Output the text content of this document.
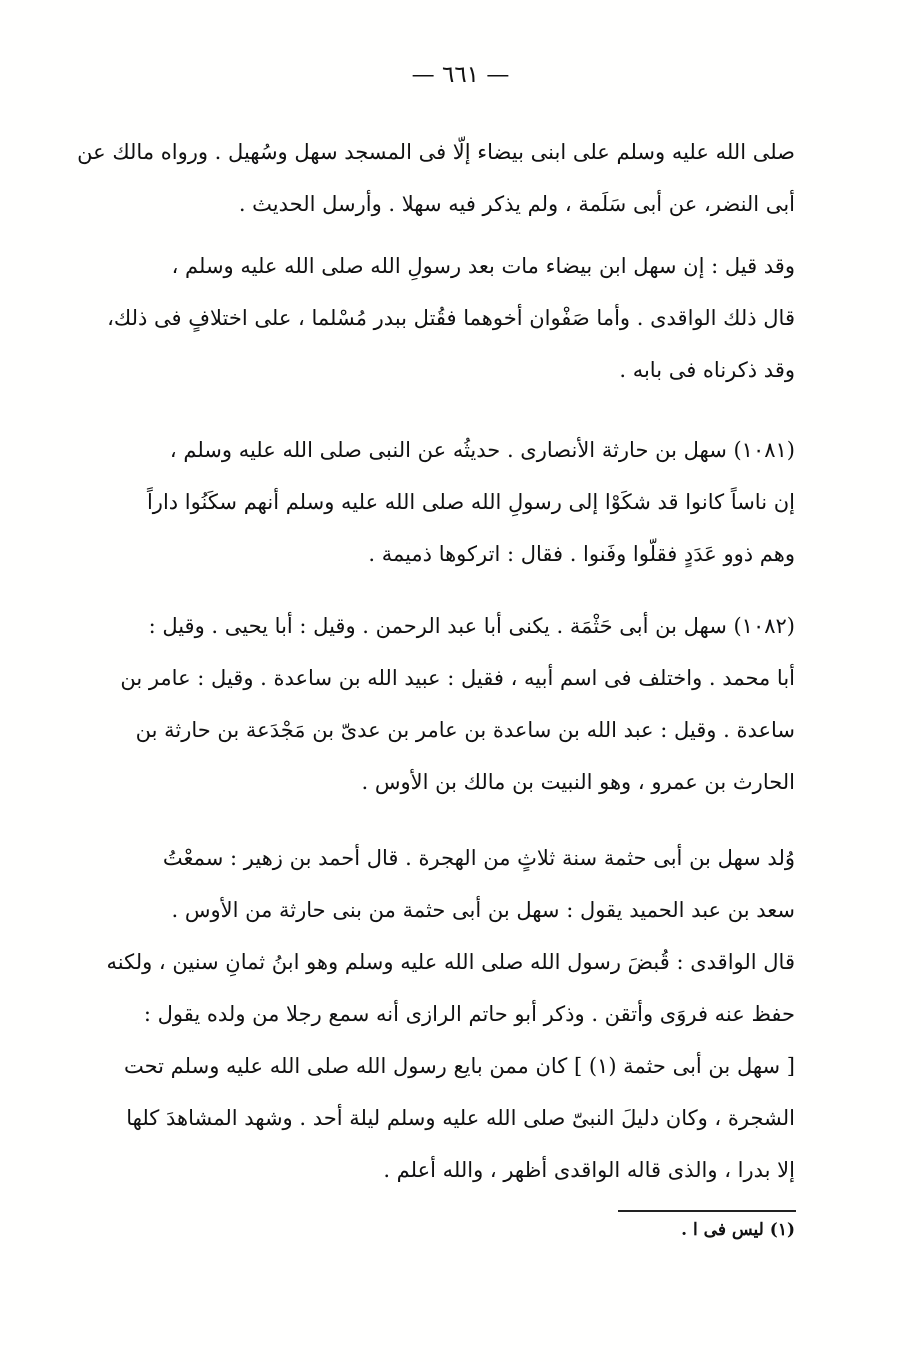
— ٦٦١ —
صلى الله عليه وسلم على ابنى بيضاء إلّا فى المسجد سهل وسُهيل . ورواه مالك عن
أبى النضر، عن أبى سَلَمة ، ولم يذكر فيه سهلا . وأرسل الحديث .
وقد قيل : إن سهل ابن بيضاء مات بعد رسولِ الله صلى الله عليه وسلم ،
قال ذلك الواقدى . وأما صَفْوان أخوهما فقُتل ببدر مُسْلما ، على اختلافٍ فى ذلك،
وقد ذكرناه فى بابه .
(١٠٨١) سهل بن حارثة الأنصارى . حديثُه عن النبى صلى الله عليه وسلم ،
إن ناساً كانوا قد شكَوْا إلى رسولِ الله صلى الله عليه وسلم أنهم سكَنُوا داراً
وهم ذوو عَدَدٍ فقلّوا وفَنوا . فقال : اتركوها ذميمة .
(١٠٨٢) سهل بن أبى حَثْمَة . يكنى أبا عبد الرحمن . وقيل : أبا يحيى . وقيل :
أبا محمد . واختلف فى اسم أبيه ، فقيل : عبيد الله بن ساعدة . وقيل : عامر بن
ساعدة . وقيل : عبد الله بن ساعدة بن عامر بن عدىّ بن مَجْدَعة بن حارثة بن
الحارث بن عمرو ، وهو النبيت بن مالك بن الأوس .
وُلد سهل بن أبى حثمة سنة ثلاثٍ من الهجرة . قال أحمد بن زهير : سمعْتُ
سعد بن عبد الحميد يقول : سهل بن أبى حثمة من بنى حارثة من الأوس .
قال الواقدى : قُبضَ رسول الله صلى الله عليه وسلم وهو ابنُ ثمانِ سنين ، ولكنه
حفظ عنه فروَى وأتقن . وذكر أبو حاتم الرازى أنه سمع رجلا من ولده يقول :
[ سهل بن أبى حثمة (١) ] كان ممن بايع رسول الله صلى الله عليه وسلم تحت
الشجرة ، وكان دليلَ النبىّ صلى الله عليه وسلم ليلة أحد . وشهد المشاهدَ كلها
إلا بدرا ، والذى قاله الواقدى أظهر ، والله أعلم .
(١) ليس فى ا .
